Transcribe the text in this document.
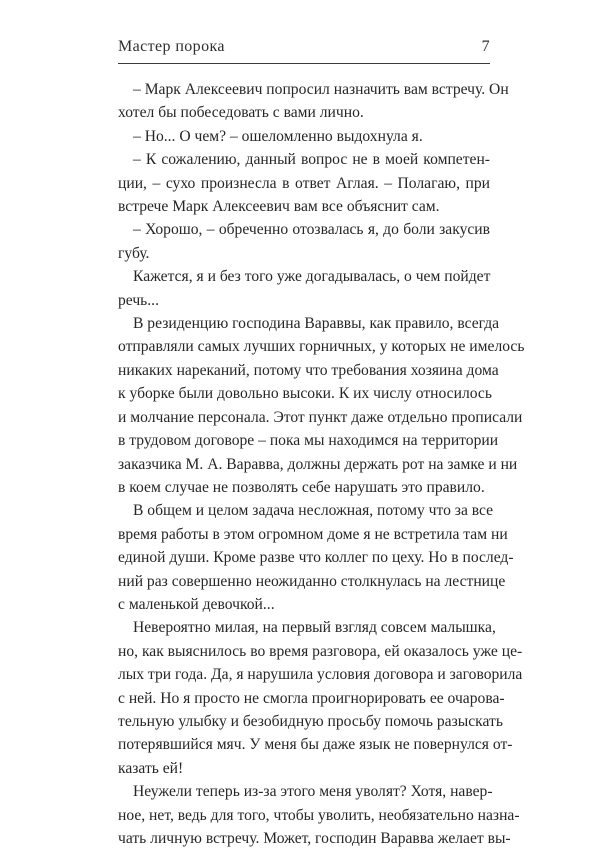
Мастер порока	7
– Марк Алексеевич попросил назначить вам встречу. Он
хотел бы побеседовать с вами лично.
– Но... О чем? – ошеломленно выдохнула я.
– К сожалению, данный вопрос не в моей компетен-
ции, – сухо произнесла в ответ Аглая. – Полагаю, при
встрече Марк Алексеевич вам все объяснит сам.
– Хорошо, – обреченно отозвалась я, до боли закусив
губу.
Кажется, я и без того уже догадывалась, о чем пойдет
речь...
В резиденцию господина Вараввы, как правило, всегда
отправляли самых лучших горничных, у которых не имелось
никаких нареканий, потому что требования хозяина дома
к уборке были довольно высоки. К их числу относилось
и молчание персонала. Этот пункт даже отдельно прописали
в трудовом договоре – пока мы находимся на территории
заказчика М. А. Варавва, должны держать рот на замке и ни
в коем случае не позволять себе нарушать это правило.
В общем и целом задача несложная, потому что за все
время работы в этом огромном доме я не встретила там ни
единой души. Кроме разве что коллег по цеху. Но в послед-
ний раз совершенно неожиданно столкнулась на лестнице
с маленькой девочкой...
Невероятно милая, на первый взгляд совсем малышка,
но, как выяснилось во время разговора, ей оказалось уже це-
лых три года. Да, я нарушила условия договора и заговорила
с ней. Но я просто не смогла проигнорировать ее очарова-
тельную улыбку и безобидную просьбу помочь разыскать
потерявшийся мяч. У меня бы даже язык не повернулся от-
казать ей!
Неужели теперь из-за этого меня уволят? Хотя, навер-
ное, нет, ведь для того, чтобы уволить, необязательно назна-
чать личную встречу. Может, господин Варавва желает вы-
